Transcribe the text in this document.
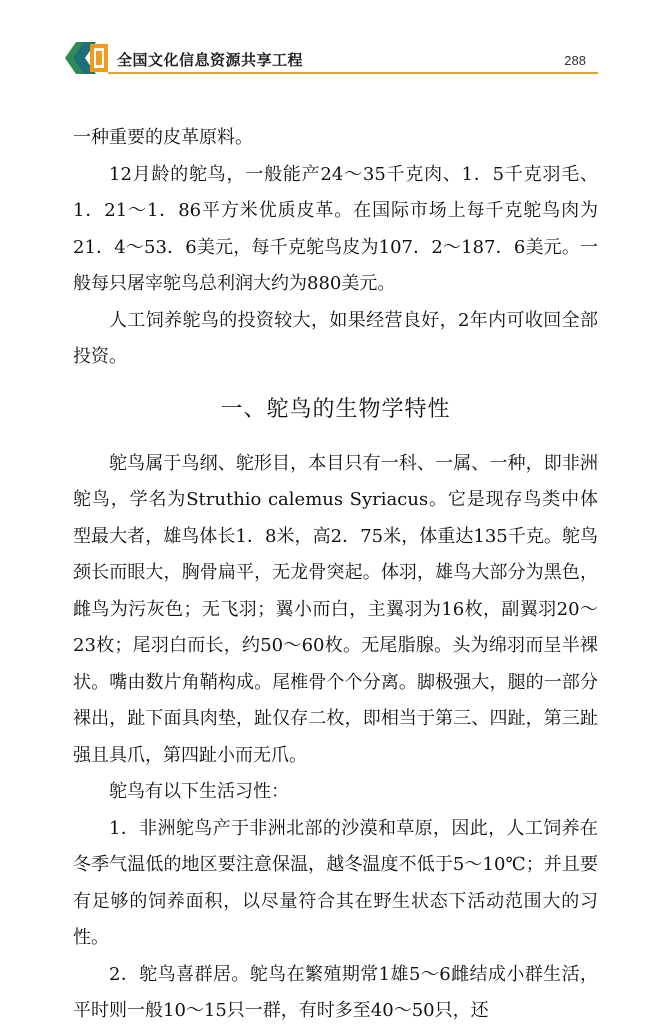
全国文化信息资源共享工程	288

一种重要的皮革原料。

12月龄的鸵鸟，一般能产24～35千克肉、1．5千克羽毛、1．21～1．86平方米优质皮革。在国际市场上每千克鸵鸟肉为21．4～53．6美元，每千克鸵鸟皮为107．2～187．6美元。一般每只屠宰鸵鸟总利润大约为880美元。

人工饲养鸵鸟的投资较大，如果经营良好，2年内可收回全部投资。

一、鸵鸟的生物学特性

鸵鸟属于鸟纲、鸵形目，本目只有一科、一属、一种，即非洲鸵鸟，学名为Struthio calemus Syriacus。它是现存鸟类中体型最大者，雄鸟体长1．8米，高2．75米，体重达135千克。鸵鸟颈长而眼大，胸骨扁平，无龙骨突起。体羽，雄鸟大部分为黑色，雌鸟为污灰色；无飞羽；翼小而白，主翼羽为16枚，副翼羽20～23枚；尾羽白而长，约50～60枚。无尾脂腺。头为绵羽而呈半裸状。嘴由数片角鞘构成。尾椎骨个个分离。脚极强大，腿的一部分裸出，趾下面具肉垫，趾仅存二枚，即相当于第三、四趾，第三趾强且具爪，第四趾小而无爪。

鸵鸟有以下生活习性：

1．非洲鸵鸟产于非洲北部的沙漠和草原，因此，人工饲养在冬季气温低的地区要注意保温，越冬温度不低于5～10℃；并且要有足够的饲养面积，以尽量符合其在野生状态下活动范围大的习性。

2．鸵鸟喜群居。鸵鸟在繁殖期常1雄5～6雌结成小群生活，平时则一般10～15只一群，有时多至40～50只，还
